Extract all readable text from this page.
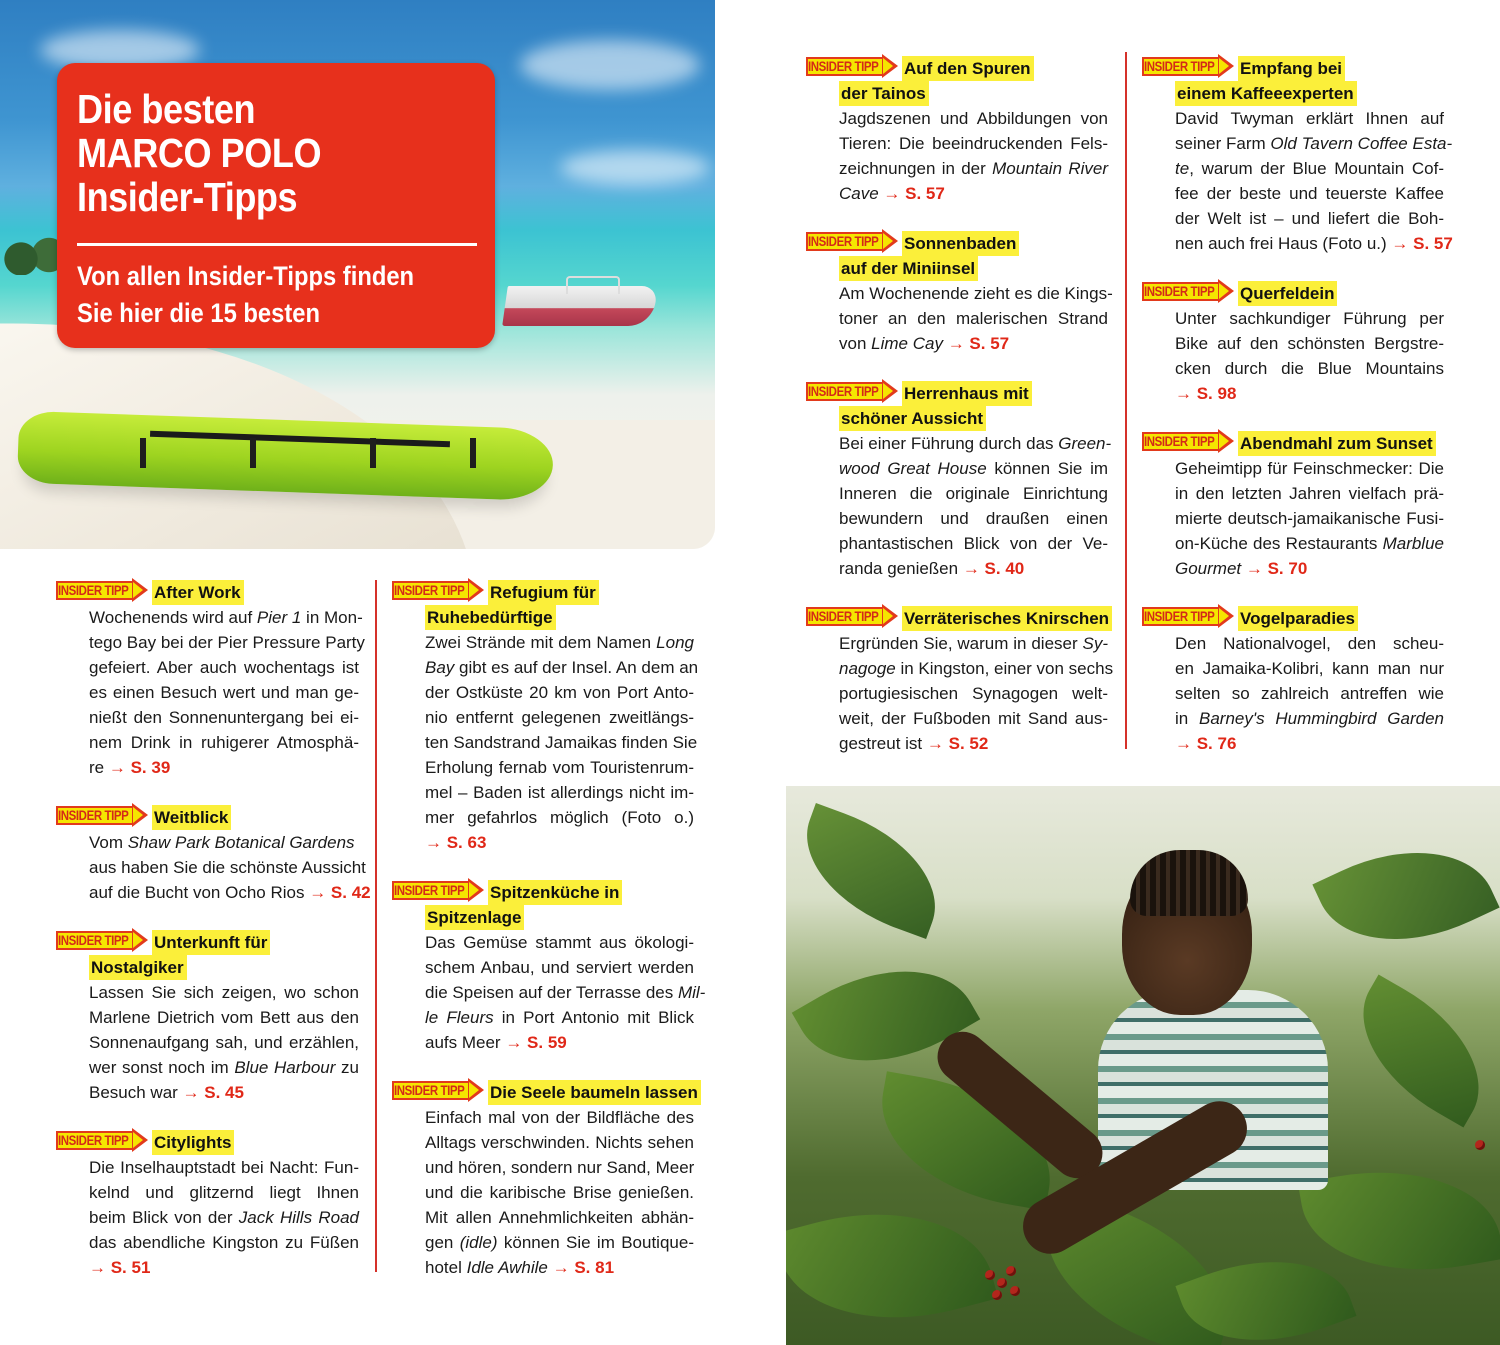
Die besten
MARCO POLO
Insider-Tipps

Von allen Insider-Tipps finden
Sie hier die 15 besten

INSIDER TIPP After Work
Wochenends wird auf Pier 1 in Mon-
tego Bay bei der Pier Pressure Party
gefeiert. Aber auch wochentags ist
es einen Besuch wert und man ge-
nießt den Sonnenuntergang bei ei-
nem Drink in ruhigerer Atmosphä-
re → S. 39
INSIDER TIPP Weitblick
Vom Shaw Park Botanical Gardens
aus haben Sie die schönste Aussicht
auf die Bucht von Ocho Rios → S. 42
INSIDER TIPP Unterkunft für
Nostalgiker
Lassen Sie sich zeigen, wo schon
Marlene Dietrich vom Bett aus den
Sonnenaufgang sah, und erzählen,
wer sonst noch im Blue Harbour zu
Besuch war → S. 45
INSIDER TIPP Citylights
Die Inselhauptstadt bei Nacht: Fun-
kelnd und glitzernd liegt Ihnen
beim Blick von der Jack Hills Road
das abendliche Kingston zu Füßen
→ S. 51
INSIDER TIPP Refugium für
Ruhebedürftige
Zwei Strände mit dem Namen Long
Bay gibt es auf der Insel. An dem an
der Ostküste 20 km von Port Anto-
nio entfernt gelegenen zweitlängs-
ten Sandstrand Jamaikas finden Sie
Erholung fernab vom Touristenrum-
mel – Baden ist allerdings nicht im-
mer gefahrlos möglich (Foto o.)
→ S. 63
INSIDER TIPP Spitzenküche in
Spitzenlage
Das Gemüse stammt aus ökologi-
schem Anbau, und serviert werden
die Speisen auf der Terrasse des Mil-
le Fleurs in Port Antonio mit Blick
aufs Meer → S. 59
INSIDER TIPP Die Seele baumeln lassen
Einfach mal von der Bildfläche des
Alltags verschwinden. Nichts sehen
und hören, sondern nur Sand, Meer
und die karibische Brise genießen.
Mit allen Annehmlichkeiten abhän-
gen (idle) können Sie im Boutique-
hotel Idle Awhile → S. 81
INSIDER TIPP Auf den Spuren
der Tainos
Jagdszenen und Abbildungen von
Tieren: Die beeindruckenden Fels-
zeichnungen in der Mountain River
Cave → S. 57
INSIDER TIPP Sonnenbaden
auf der Miniinsel
Am Wochenende zieht es die Kings-
toner an den malerischen Strand
von Lime Cay → S. 57
INSIDER TIPP Herrenhaus mit
schöner Aussicht
Bei einer Führung durch das Green-
wood Great House können Sie im
Inneren die originale Einrichtung
bewundern und draußen einen
phantastischen Blick von der Ve-
randa genießen → S. 40
INSIDER TIPP Verräterisches Knirschen
Ergründen Sie, warum in dieser Sy-
nagoge in Kingston, einer von sechs
portugiesischen Synagogen welt-
weit, der Fußboden mit Sand aus-
gestreut ist → S. 52
INSIDER TIPP Empfang bei
einem Kaffeeexperten
David Twyman erklärt Ihnen auf
seiner Farm Old Tavern Coffee Esta-
te, warum der Blue Mountain Cof-
fee der beste und teuerste Kaffee
der Welt ist – und liefert die Boh-
nen auch frei Haus (Foto u.) → S. 57
INSIDER TIPP Querfeldein
Unter sachkundiger Führung per
Bike auf den schönsten Bergstre-
cken durch die Blue Mountains
→ S. 98
INSIDER TIPP Abendmahl zum Sunset
Geheimtipp für Feinschmecker: Die
in den letzten Jahren vielfach prä-
mierte deutsch-jamaikanische Fusi-
on-Küche des Restaurants Marblue
Gourmet → S. 70
INSIDER TIPP Vogelparadies
Den Nationalvogel, den scheu-
en Jamaika-Kolibri, kann man nur
selten so zahlreich antreffen wie
in Barney's Hummingbird Garden
→ S. 76
